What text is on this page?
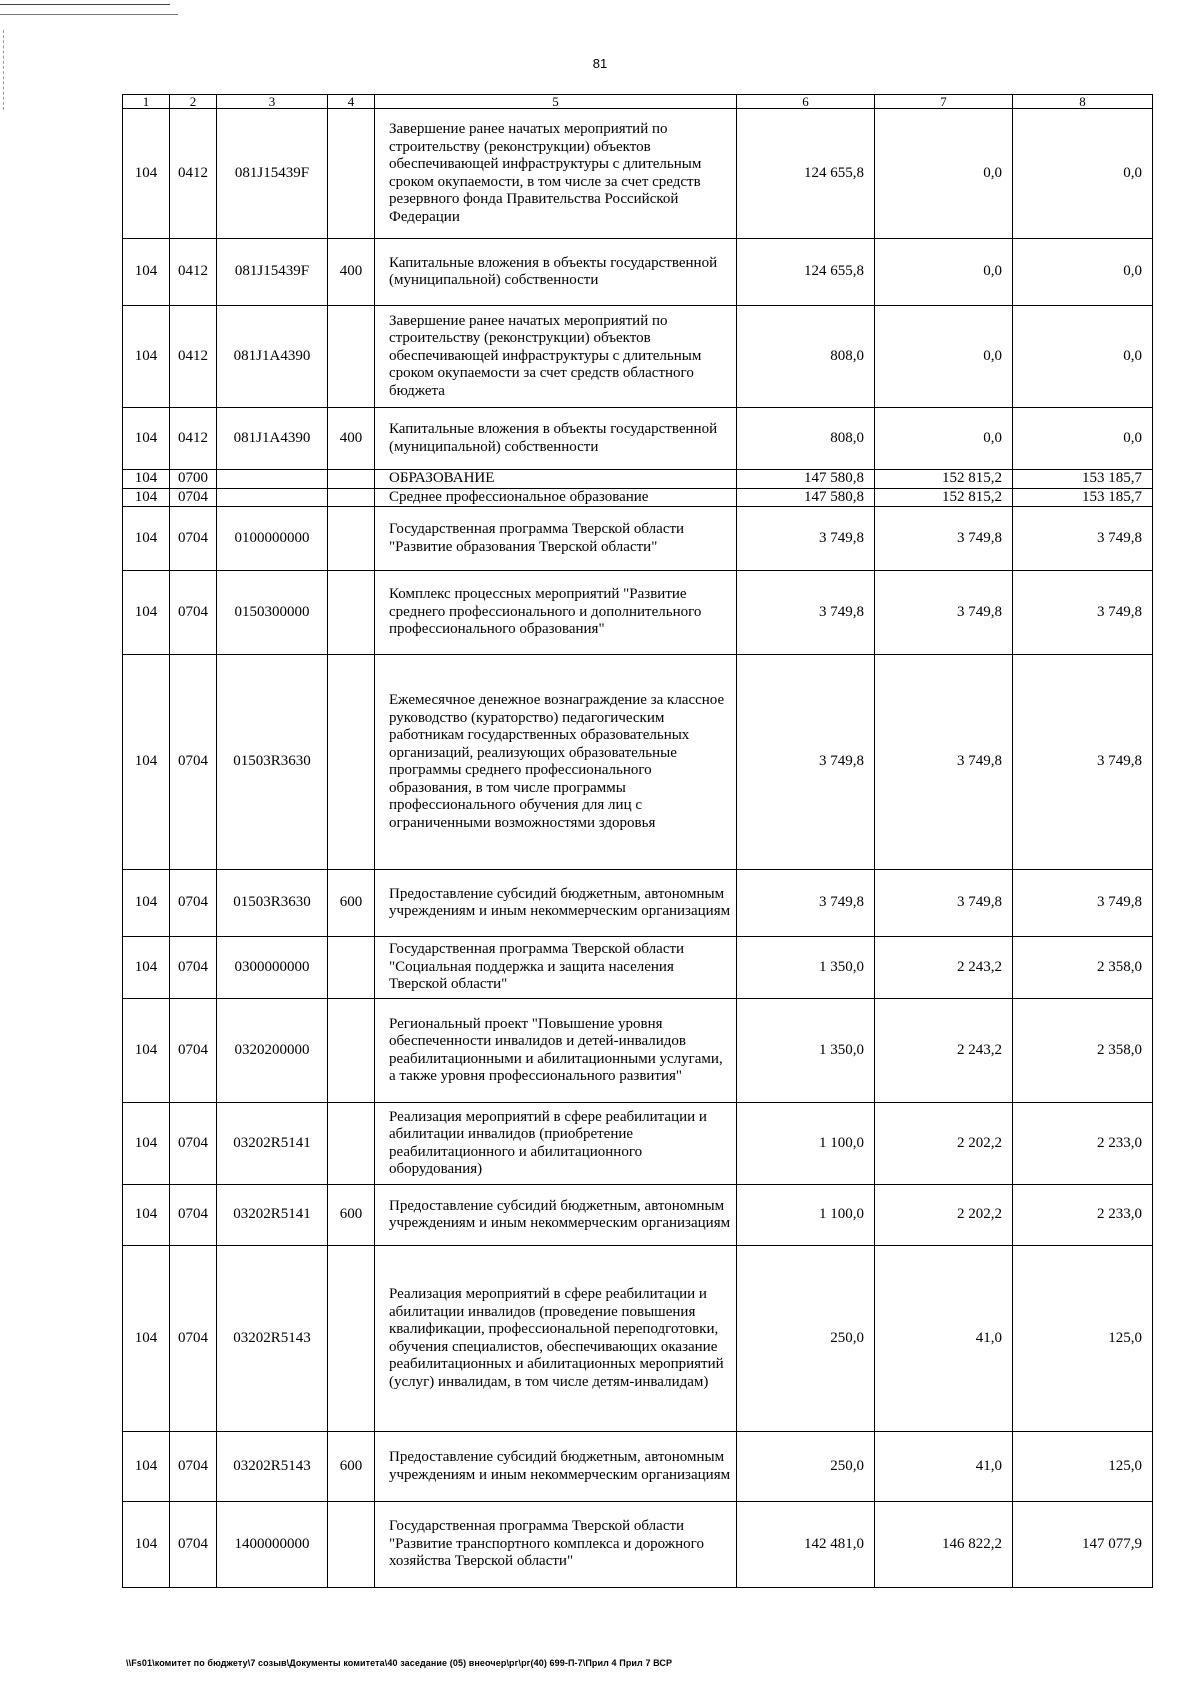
81
1	2	3	4	5	6	7	8
104	0412	081J15439F		Завершение ранее начатых мероприятий по строительству (реконструкции) объектов обеспечивающей инфраструктуры с длительным сроком окупаемости, в том числе за счет средств резервного фонда Правительства Российской Федерации	124 655,8	0,0	0,0
104	0412	081J15439F	400	Капитальные вложения в объекты государственной (муниципальной) собственности	124 655,8	0,0	0,0
104	0412	081J1A4390		Завершение ранее начатых мероприятий по строительству (реконструкции) объектов обеспечивающей инфраструктуры с длительным сроком окупаемости за счет средств областного бюджета	808,0	0,0	0,0
104	0412	081J1A4390	400	Капитальные вложения в объекты государственной (муниципальной) собственности	808,0	0,0	0,0
104	0700			ОБРАЗОВАНИЕ	147 580,8	152 815,2	153 185,7
104	0704			Среднее профессиональное образование	147 580,8	152 815,2	153 185,7
104	0704	0100000000		Государственная программа Тверской области "Развитие образования Тверской области"	3 749,8	3 749,8	3 749,8
104	0704	0150300000		Комплекс процессных мероприятий "Развитие среднего профессионального и дополнительного профессионального образования"	3 749,8	3 749,8	3 749,8
104	0704	01503R3630		Ежемесячное денежное вознаграждение за классное руководство (кураторство) педагогическим работникам государственных образовательных организаций, реализующих образовательные программы среднего профессионального образования, в том числе программы профессионального обучения для лиц с ограниченными возможностями здоровья	3 749,8	3 749,8	3 749,8
104	0704	01503R3630	600	Предоставление субсидий бюджетным, автономным учреждениям и иным некоммерческим организациям	3 749,8	3 749,8	3 749,8
104	0704	0300000000		Государственная программа Тверской области "Социальная поддержка и защита населения Тверской области"	1 350,0	2 243,2	2 358,0
104	0704	0320200000		Региональный проект "Повышение уровня обеспеченности инвалидов и детей-инвалидов реабилитационными и абилитационными услугами, а также уровня профессионального развития"	1 350,0	2 243,2	2 358,0
104	0704	03202R5141		Реализация мероприятий в сфере реабилитации и абилитации инвалидов (приобретение реабилитационного и абилитационного оборудования)	1 100,0	2 202,2	2 233,0
104	0704	03202R5141	600	Предоставление субсидий бюджетным, автономным учреждениям и иным некоммерческим организациям	1 100,0	2 202,2	2 233,0
104	0704	03202R5143		Реализация мероприятий в сфере реабилитации и абилитации инвалидов (проведение повышения квалификации, профессиональной переподготовки, обучения специалистов, обеспечивающих оказание реабилитационных и абилитационных мероприятий (услуг) инвалидам, в том числе детям-инвалидам)	250,0	41,0	125,0
104	0704	03202R5143	600	Предоставление субсидий бюджетным, автономным учреждениям и иным некоммерческим организациям	250,0	41,0	125,0
104	0704	1400000000		Государственная программа Тверской области "Развитие транспортного комплекса и дорожного хозяйства Тверской области"	142 481,0	146 822,2	147 077,9
\\Fs01\комитет по бюджету\7 созыв\Документы комитета\40 заседание (05) внеочер\рг\рг(40) 699-П-7\Прил 4 Прил 7 ВСР
